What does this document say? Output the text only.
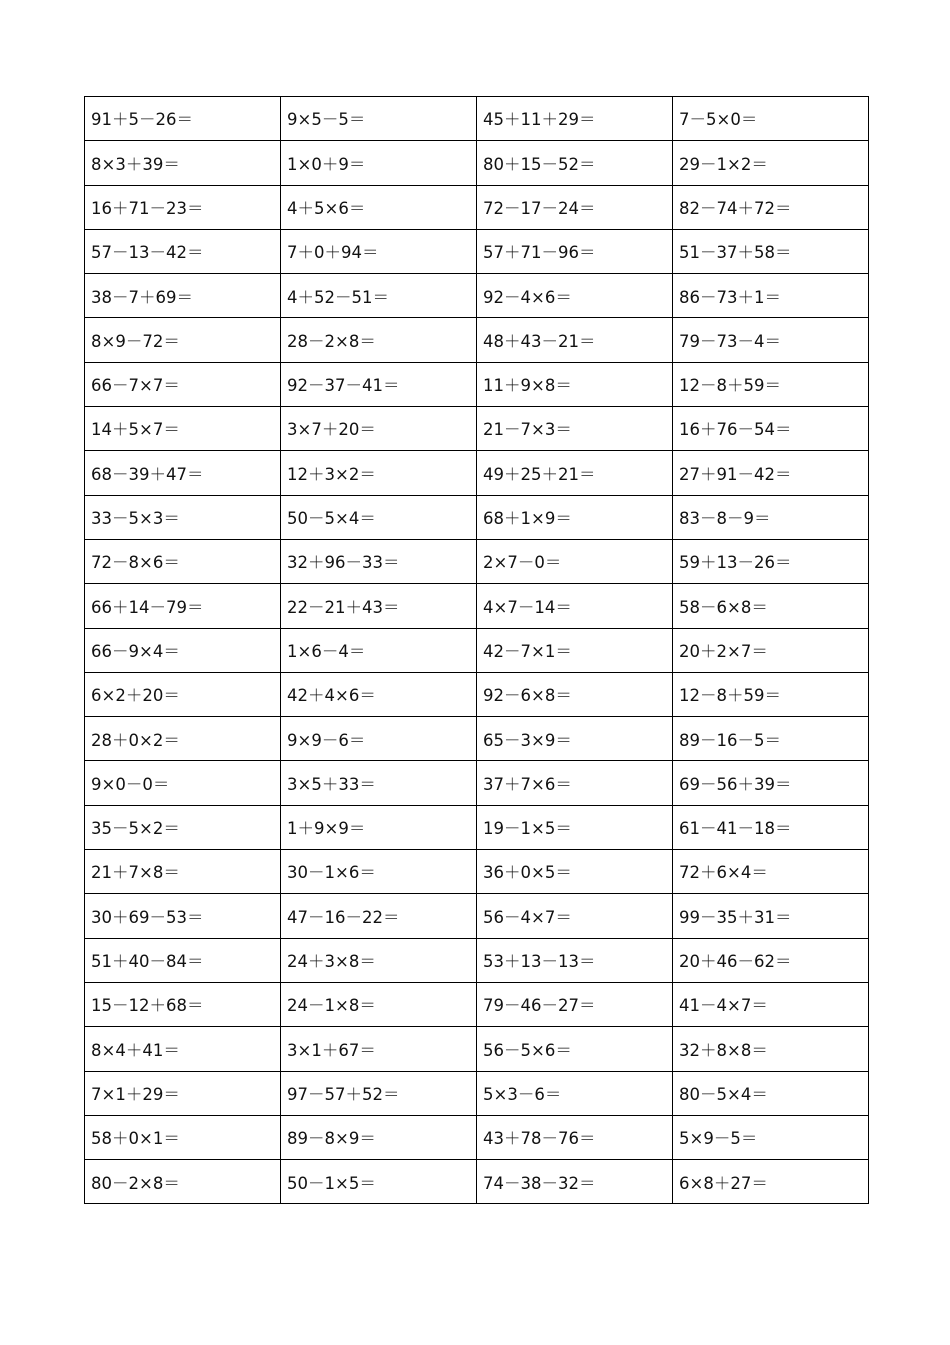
91＋5－26＝	9×5－5＝	45＋11＋29＝	7－5×0＝
8×3＋39＝	1×0＋9＝	80＋15－52＝	29－1×2＝
16＋71－23＝	4＋5×6＝	72－17－24＝	82－74＋72＝
57－13－42＝	7＋0＋94＝	57＋71－96＝	51－37＋58＝
38－7＋69＝	4＋52－51＝	92－4×6＝	86－73＋1＝
8×9－72＝	28－2×8＝	48＋43－21＝	79－73－4＝
66－7×7＝	92－37－41＝	11＋9×8＝	12－8＋59＝
14＋5×7＝	3×7＋20＝	21－7×3＝	16＋76－54＝
68－39＋47＝	12＋3×2＝	49＋25＋21＝	27＋91－42＝
33－5×3＝	50－5×4＝	68＋1×9＝	83－8－9＝
72－8×6＝	32＋96－33＝	2×7－0＝	59＋13－26＝
66＋14－79＝	22－21＋43＝	4×7－14＝	58－6×8＝
66－9×4＝	1×6－4＝	42－7×1＝	20＋2×7＝
6×2＋20＝	42＋4×6＝	92－6×8＝	12－8＋59＝
28＋0×2＝	9×9－6＝	65－3×9＝	89－16－5＝
9×0－0＝	3×5＋33＝	37＋7×6＝	69－56＋39＝
35－5×2＝	1＋9×9＝	19－1×5＝	61－41－18＝
21＋7×8＝	30－1×6＝	36＋0×5＝	72＋6×4＝
30＋69－53＝	47－16－22＝	56－4×7＝	99－35＋31＝
51＋40－84＝	24＋3×8＝	53＋13－13＝	20＋46－62＝
15－12＋68＝	24－1×8＝	79－46－27＝	41－4×7＝
8×4＋41＝	3×1＋67＝	56－5×6＝	32＋8×8＝
7×1＋29＝	97－57＋52＝	5×3－6＝	80－5×4＝
58＋0×1＝	89－8×9＝	43＋78－76＝	5×9－5＝
80－2×8＝	50－1×5＝	74－38－32＝	6×8＋27＝
